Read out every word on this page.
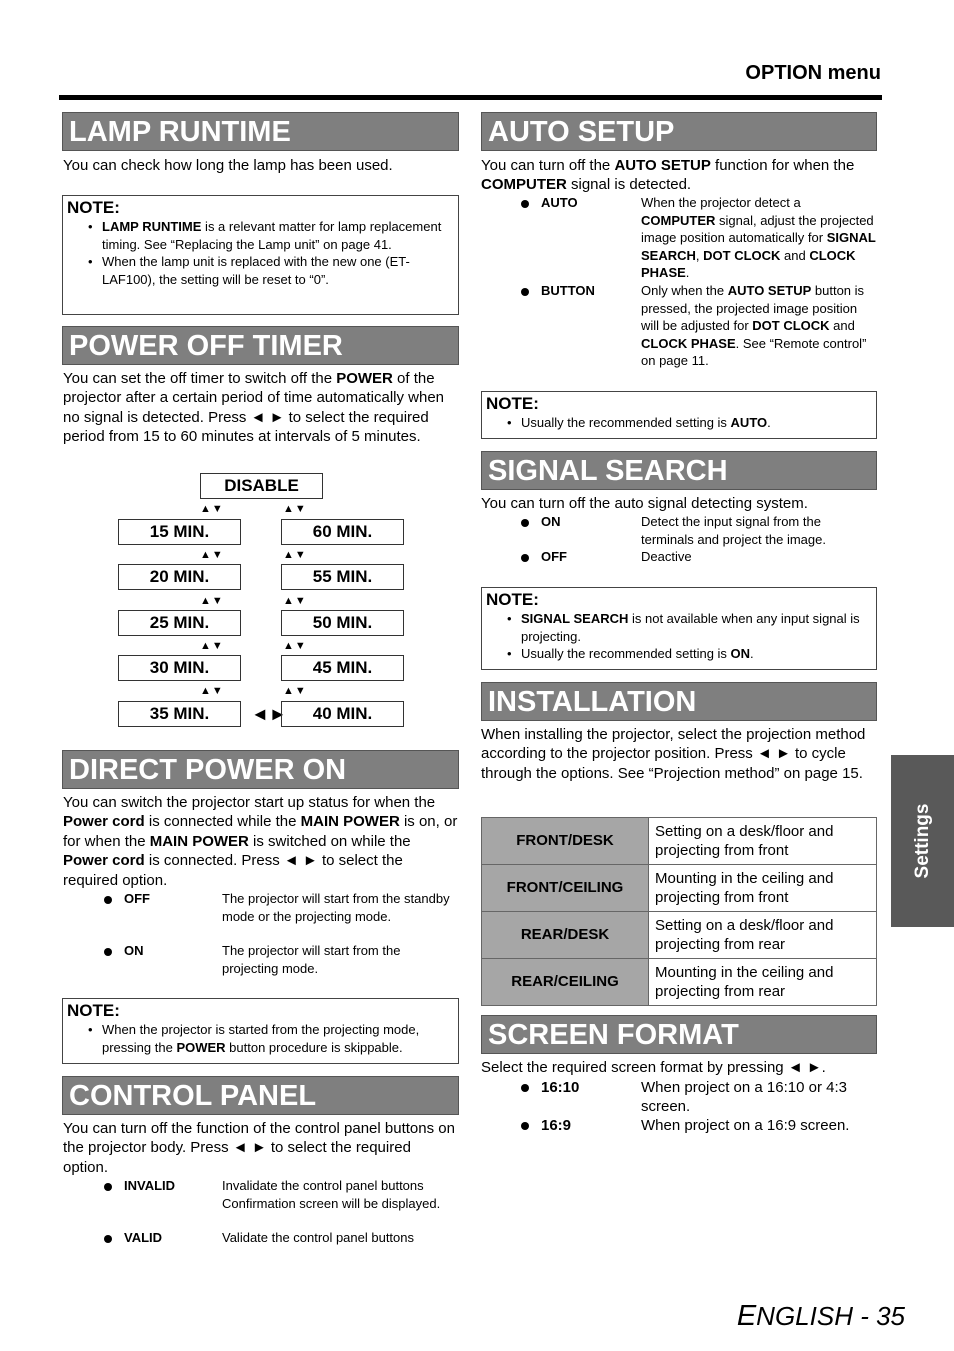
OPTION menu
LAMP RUNTIME
You can check how long the lamp has been used.
NOTE:
• LAMP RUNTIME is a relevant matter for lamp replacement timing. See “Replacing the Lamp unit” on page 41.
• When the lamp unit is replaced with the new one (ET-LAF100), the setting will be reset to “0”.
POWER OFF TIMER
You can set the off timer to switch off the POWER of the projector after a certain period of time automatically when no signal is detected. Press ◄ ► to select the required period from 15 to 60 minutes at intervals of 5 minutes.
DISABLE
▲▼	▲▼
15 MIN.	60 MIN.
▲▼	▲▼
20 MIN.	55 MIN.
▲▼	▲▼
25 MIN.	50 MIN.
▲▼	▲▼
30 MIN.	45 MIN.
▲▼	▲▼
35 MIN.	◄►	40 MIN.
DIRECT POWER ON
You can switch the projector start up status for when the Power cord is connected while the MAIN POWER is on, or for when the MAIN POWER is switched on while the Power cord is connected. Press ◄ ► to select the required option.
OFF	The projector will start from the standby mode or the projecting mode.
ON	The projector will start from the projecting mode.
NOTE:
• When the projector is started from the projecting mode, pressing the POWER button procedure is skippable.
CONTROL PANEL
You can turn off the function of the control panel buttons on the projector body. Press ◄ ► to select the required option.
INVALID	Invalidate the control panel buttons Confirmation screen will be displayed.
VALID	Validate the control panel buttons
AUTO SETUP
You can turn off the AUTO SETUP function for when the COMPUTER signal is detected.
AUTO	When the projector detect a COMPUTER signal, adjust the projected image position automatically for SIGNAL SEARCH, DOT CLOCK and CLOCK PHASE.
BUTTON	Only when the AUTO SETUP button is pressed, the projected image position will be adjusted for DOT CLOCK and CLOCK PHASE. See “Remote control” on page 11.
NOTE:
• Usually the recommended setting is AUTO.
SIGNAL SEARCH
You can turn off the auto signal detecting system.
ON	Detect the input signal from the terminals and project the image.
OFF	Deactive
NOTE:
• SIGNAL SEARCH is not available when any input signal is projecting.
• Usually the recommended setting is ON.
INSTALLATION
When installing the projector, select the projection method according to the projector position. Press ◄ ► to cycle through the options. See “Projection method” on page 15.
FRONT/DESK	Setting on a desk/floor and projecting from front
FRONT/CEILING	Mounting in the ceiling and projecting from front
REAR/DESK	Setting on a desk/floor and projecting from rear
REAR/CEILING	Mounting in the ceiling and projecting from rear
SCREEN FORMAT
Select the required screen format by pressing ◄ ►.
16:10	When project on a 16:10 or 4:3 screen.
16:9	When project on a 16:9 screen.
Settings
ENGLISH - 35
